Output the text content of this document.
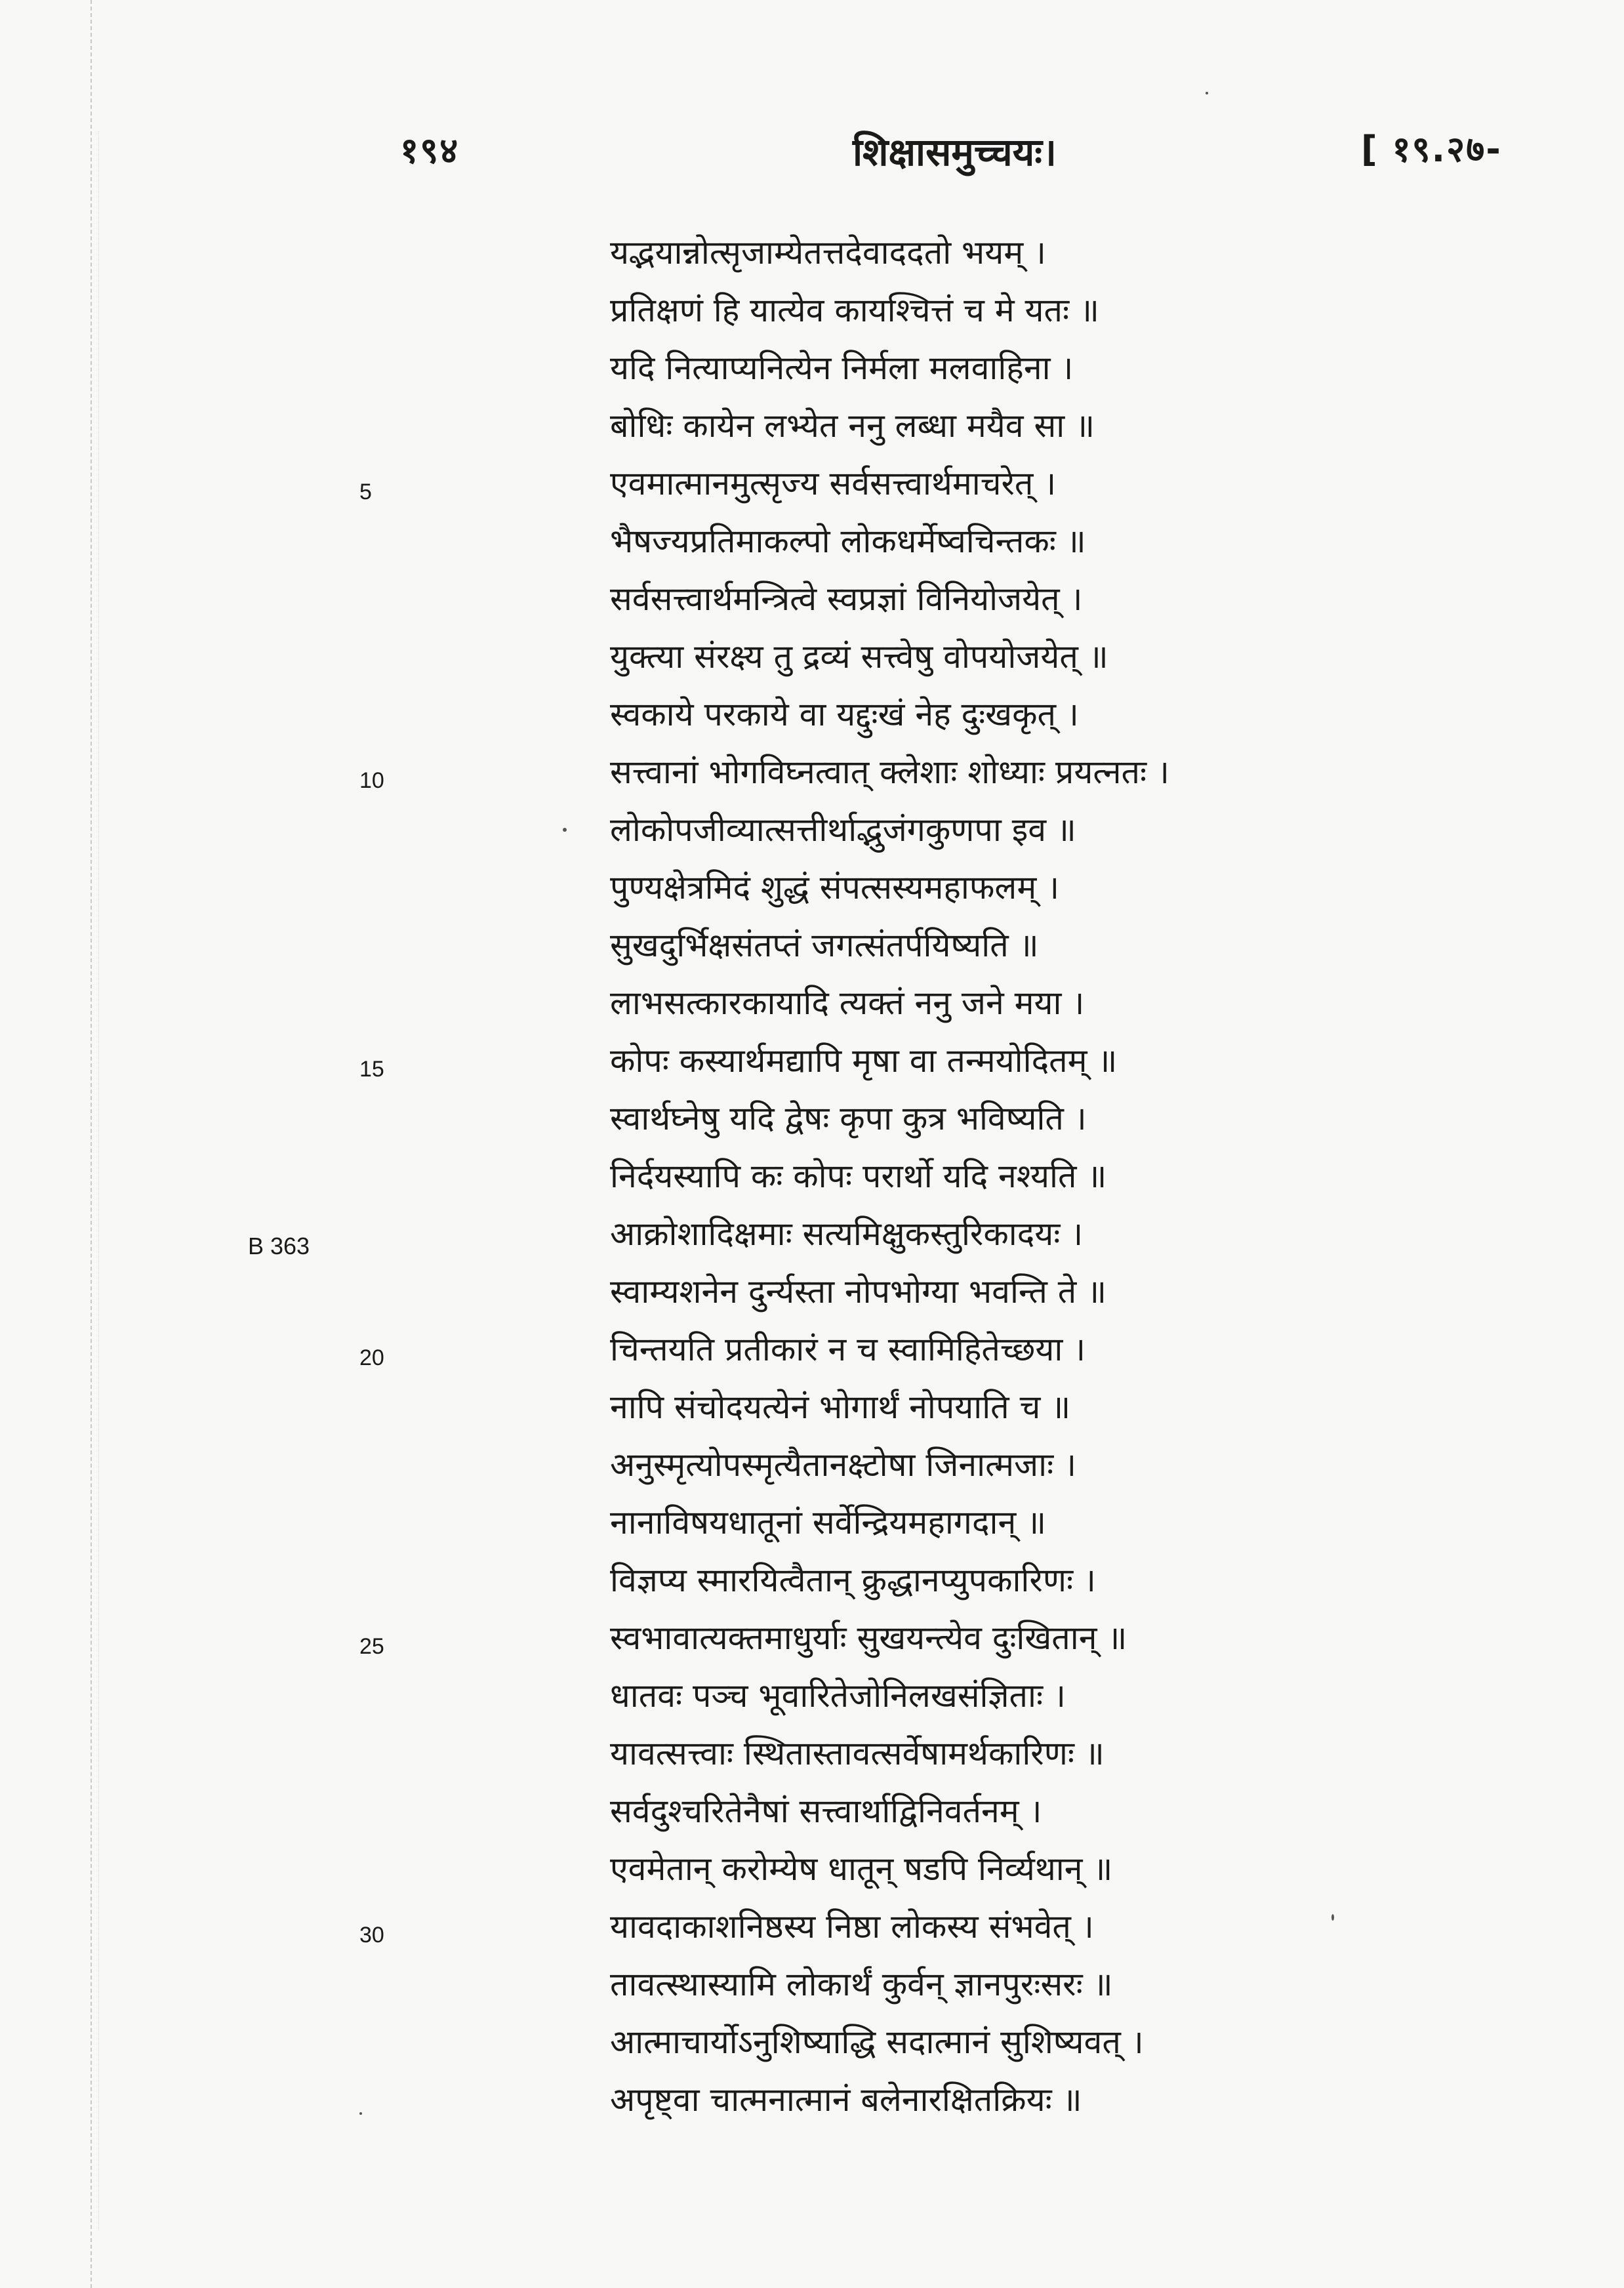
१९४	शिक्षासमुच्चयः।	[ १९.२७-
यद्भयान्नोत्सृजाम्येतत्तदेवाददतो भयम् ।
प्रतिक्षणं हि यात्येव कायश्चित्तं च मे यतः ॥
यदि नित्याप्यनित्येन निर्मला मलवाहिना ।
बोधिः कायेन लभ्येत ननु लब्धा मयैव सा ॥
एवमात्मानमुत्सृज्य सर्वसत्त्वार्थमाचरेत् ।
भैषज्यप्रतिमाकल्पो लोकधर्मेष्वचिन्तकः ॥
सर्वसत्त्वार्थमन्त्रित्वे स्वप्रज्ञां विनियोजयेत् ।
युक्त्या संरक्ष्य तु द्रव्यं सत्त्वेषु वोपयोजयेत् ॥
स्वकाये परकाये वा यद्दुःखं नेह दुःखकृत् ।
सत्त्वानां भोगविघ्नत्वात् क्लेशाः शोध्याः प्रयत्नतः ।
लोकोपजीव्यात्सत्तीर्थाद्भुजंगकुणपा इव ॥
पुण्यक्षेत्रमिदं शुद्धं संपत्सस्यमहाफलम् ।
सुखदुर्भिक्षसंतप्तं जगत्संतर्पयिष्यति ॥
लाभसत्कारकायादि त्यक्तं ननु जने मया ।
कोपः कस्यार्थमद्यापि मृषा वा तन्मयोदितम् ॥
स्वार्थघ्नेषु यदि द्वेषः कृपा कुत्र भविष्यति ।
निर्दयस्यापि कः कोपः परार्थो यदि नश्यति ॥
आक्रोशादिक्षमाः सत्यमिक्षुकस्तुरिकादयः ।
स्वाम्यशनेन दुर्न्यस्ता नोपभोग्या भवन्ति ते ॥
चिन्तयति प्रतीकारं न च स्वामिहितेच्छया ।
नापि संचोदयत्येनं भोगार्थं नोपयाति च ॥
अनुस्मृत्योपस्मृत्यैतानक्ष्टोषा जिनात्मजाः ।
नानाविषयधातूनां सर्वेन्द्रियमहागदान् ॥
विज्ञप्य स्मारयित्वैतान् क्रुद्धानप्युपकारिणः ।
स्वभावात्यक्तमाधुर्याः सुखयन्त्येव दुःखितान् ॥
धातवः पञ्च भूवारितेजोनिलखसंज्ञिताः ।
यावत्सत्त्वाः स्थितास्तावत्सर्वेषामर्थकारिणः ॥
सर्वदुश्चरितेनैषां सत्त्वार्थाद्विनिवर्तनम् ।
एवमेतान् करोम्येष धातून् षडपि निर्व्यथान् ॥
यावदाकाशनिष्ठस्य निष्ठा लोकस्य संभवेत् ।
तावत्स्थास्यामि लोकार्थं कुर्वन् ज्ञानपुरःसरः ॥
आत्माचार्योऽनुशिष्याद्धि सदात्मानं सुशिष्यवत् ।
अपृष्ट्वा चात्मनात्मानं बलेनारक्षितक्रियः ॥
5
10
15
20
25
30
B 363
